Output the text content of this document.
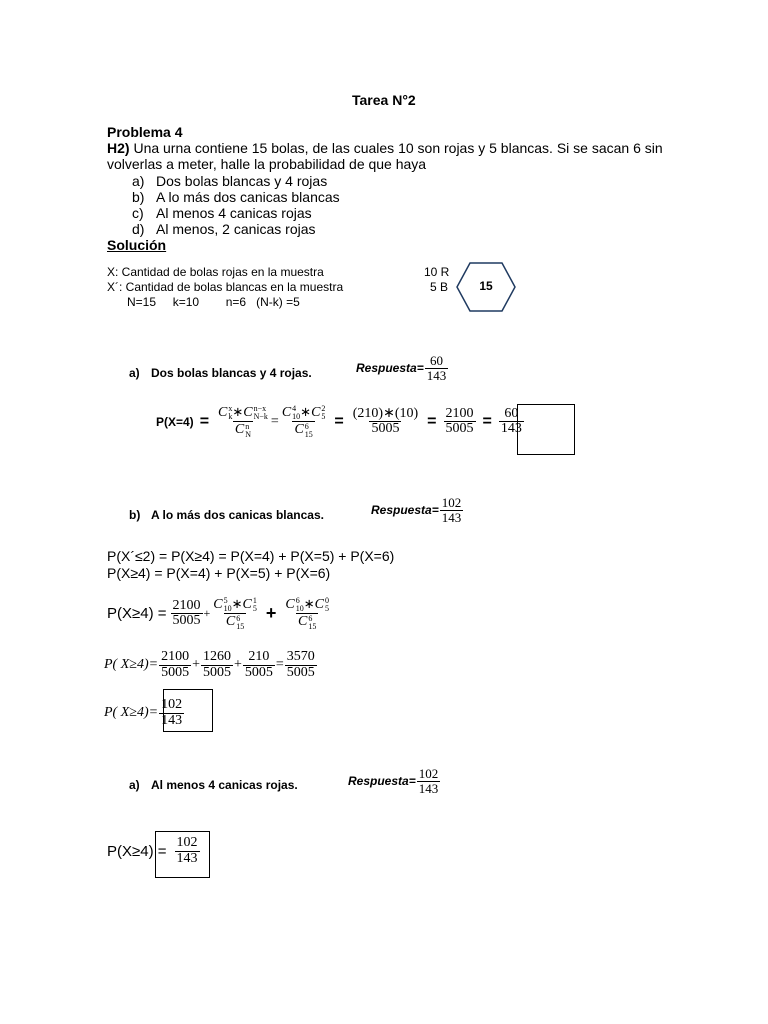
Tarea N°2
Problema 4
H2) Una urna contiene 15 bolas, de las cuales 10 son rojas y 5 blancas. Si se sacan 6 sin
volverlas a meter, halle la probabilidad de que haya
a) Dos bolas blancas y 4 rojas
b) A lo más dos canicas blancas
c) Al menos 4 canicas rojas
d) Al menos, 2 canicas rojas
Solución
X: Cantidad de bolas rojas en la muestra
X´: Cantidad de bolas blancas en la muestra
N=15     k=10        n=6   (N-k) =5
10 R
5 B	15
a) Dos bolas blancas y 4 rojas.	Respuesta= $\frac{60}{143}$
P(X=4) = C x
k ∗ C n−x
N−k
C n
N = C 4
10 ∗ C 2
5
C 6
$15 = \frac{(210)∗(10)}{5005} = \frac{2100}{5005} = \frac{60}{143}$
b) A lo más dos canicas blancas.	Respuesta= $\frac{102}{143}$
P(X´≤2) = P(X≥4) = P(X=4) + P(X=5) + P(X=6)
P(X≥4) = P(X=4) + P(X=5) + P(X=6)
$P(X\ge 4) = \frac{2100}{5005} + C$ 5
10 ∗ C 1
5
C 6
15 + C 6
10 ∗ C 0
5
C 6
15
P( $X\ge 4)= \frac{2100}{5005} + \frac{1260}{5005} + \frac{210}{5005} = \frac{3570}{5005}$
P( $X\ge 4)= \frac{102}{143}$
a) Al menos 4 canicas rojas.	Respuesta= $\frac{102}{143}$
$P(X\ge 4) = \frac{102}{143}$
